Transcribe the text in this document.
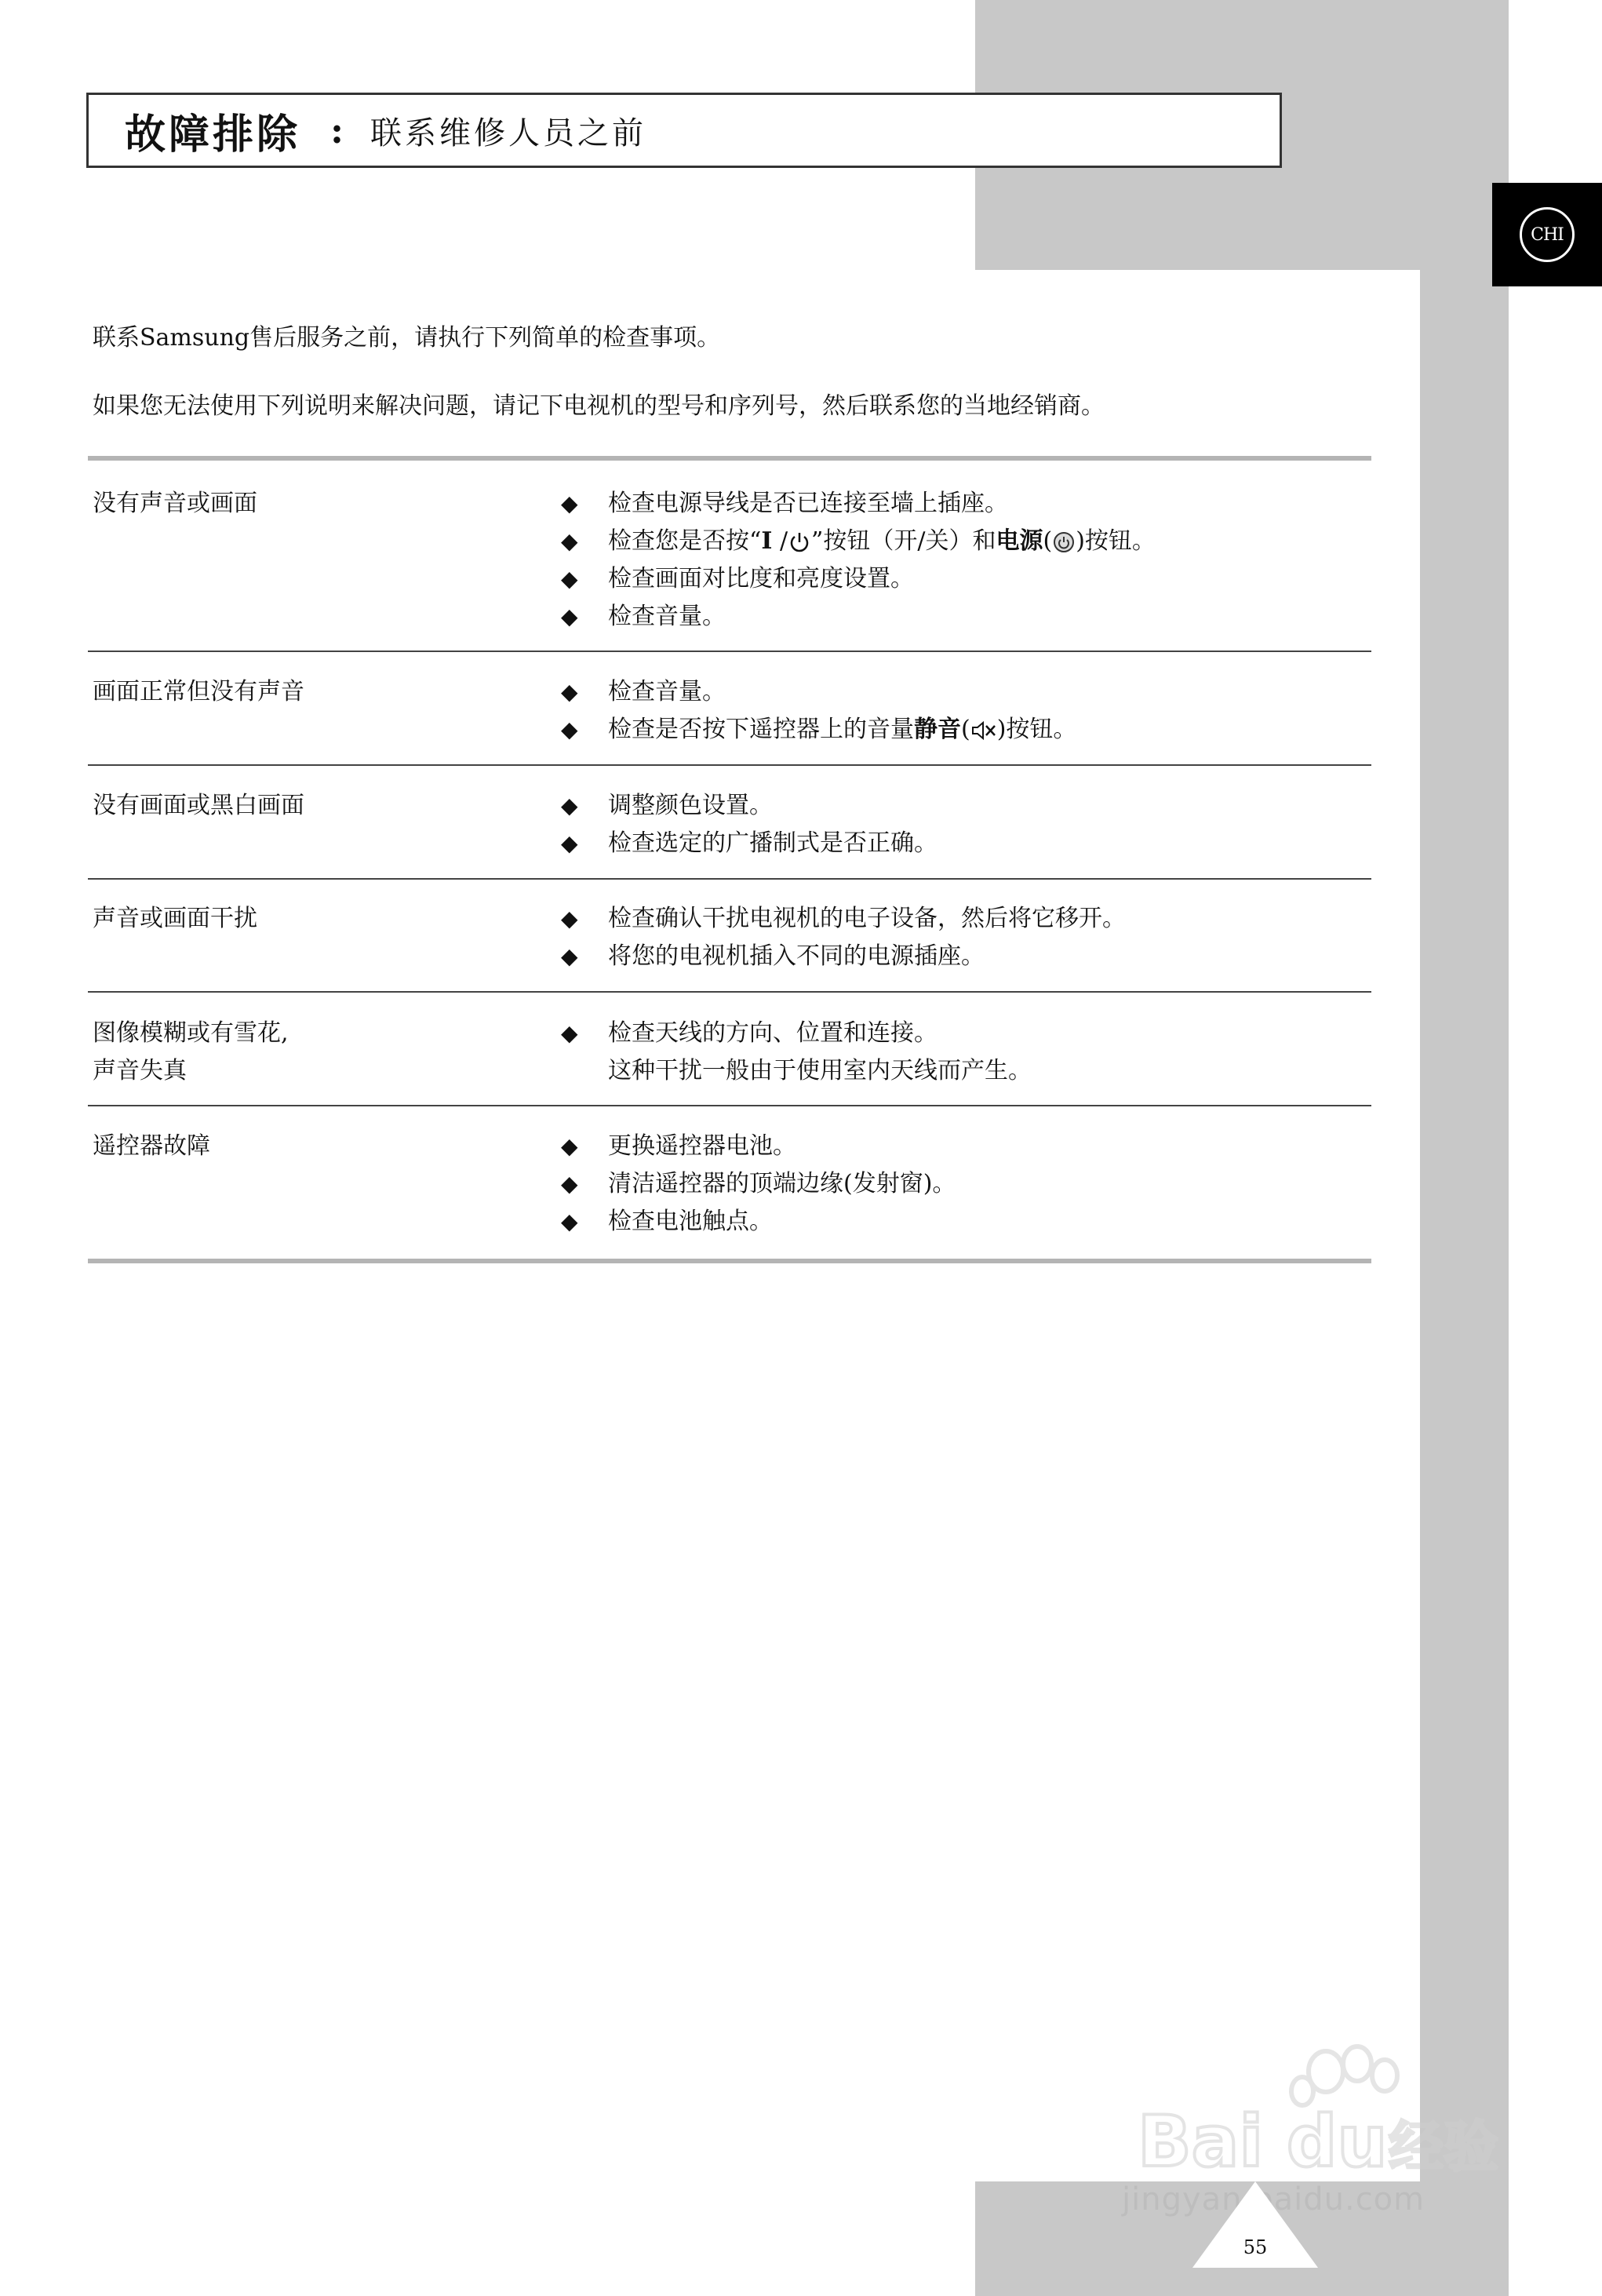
CHI
故障排除 : 联系维修人员之前
联系Samsung售后服务之前，请执行下列简单的检查事项。
如果您无法使用下列说明来解决问题，请记下电视机的型号和序列号，然后联系您的当地经销商。
没有声音或画面	◆	检查电源导线是否已连接至墙上插座。
◆	检查您是否按“I / ”按钮（开/关）和电源( )按钮。
◆	检查画面对比度和亮度设置。
◆	检查音量。
画面正常但没有声音	◆	检查音量。
◆	检查是否按下遥控器上的音量静音( )按钮。
没有画面或黑白画面	◆	调整颜色设置。
◆	检查选定的广播制式是否正确。
声音或画面干扰	◆	检查确认干扰电视机的电子设备，然后将它移开。
◆	将您的电视机插入不同的电源插座。
图像模糊或有雪花,
声音失真
◆	检查天线的方向、位置和连接。
这种干扰一般由于使用室内天线而产生。
遥控器故障	◆	更换遥控器电池。
◆	清洁遥控器的顶端边缘(发射窗)。
◆	检查电池触点。
Bai du 经验
jingyan.baidu.com
55
